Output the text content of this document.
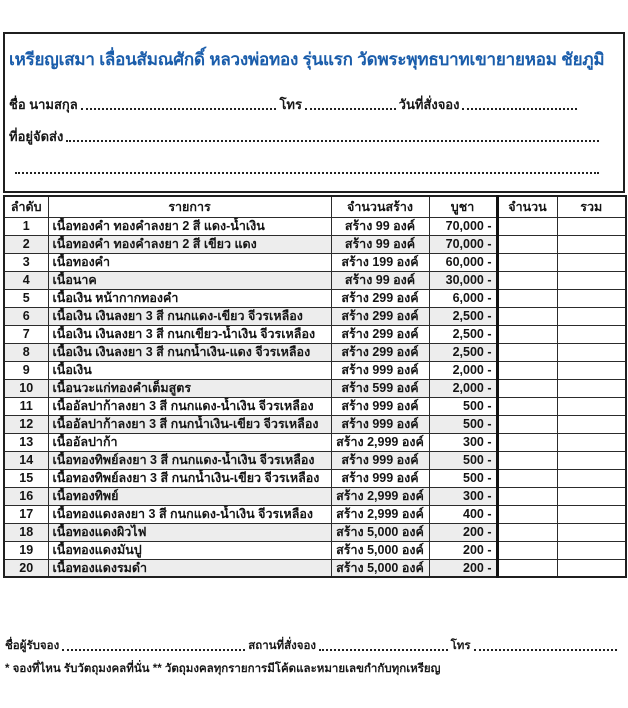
เหรียญเสมา เลื่อนสัมณศักดิ์ หลวงพ่อทอง รุ่นแรก วัดพระพุทธบาทเขายายหอม ชัยภูมิ
ชื่อ นามสกุล	โทร	วันที่สั่งจอง
ที่อยู่จัดส่ง
ลำดับ	รายการ	จำนวนสร้าง	บูชา	จำนวน	รวม
1	เนื้อทองคำ ทองคำลงยา 2 สี แดง-น้ำเงิน	สร้าง 99 องค์	70,000 -		
2	เนื้อทองคำ ทองคำลงยา 2 สี เขียว แดง	สร้าง 99 องค์	70,000 -		
3	เนื้อทองคำ	สร้าง 199 องค์	60,000 -		
4	เนื้อนาค	สร้าง 99 องค์	30,000 -		
5	เนื้อเงิน หน้ากากทองคำ	สร้าง 299 องค์	6,000 -		
6	เนื้อเงิน เงินลงยา 3 สี กนกแดง-เขียว จีวรเหลือง	สร้าง 299 องค์	2,500 -		
7	เนื้อเงิน เงินลงยา 3 สี กนกเขียว-น้ำเงิน จีวรเหลือง	สร้าง 299 องค์	2,500 -		
8	เนื้อเงิน เงินลงยา 3 สี กนกน้ำเงิน-แดง จีวรเหลือง	สร้าง 299 องค์	2,500 -		
9	เนื้อเงิน	สร้าง 999 องค์	2,000 -		
10	เนื้อนวะแก่ทองคำเต็มสูตร	สร้าง 599 องค์	2,000 -		
11	เนื้ออัลปาก้าลงยา 3 สี กนกแดง-น้ำเงิน จีวรเหลือง	สร้าง 999 องค์	500 -		
12	เนื้ออัลปาก้าลงยา 3 สี กนกน้ำเงิน-เขียว จีวรเหลือง	สร้าง 999 องค์	500 -		
13	เนื้ออัลปาก้า	สร้าง 2,999 องค์	300 -		
14	เนื้อทองทิพย์ลงยา 3 สี กนกแดง-น้ำเงิน จีวรเหลือง	สร้าง 999 องค์	500 -		
15	เนื้อทองทิพย์ลงยา 3 สี กนกน้ำเงิน-เขียว จีวรเหลือง	สร้าง 999 องค์	500 -		
16	เนื้อทองทิพย์	สร้าง 2,999 องค์	300 -		
17	เนื้อทองแดงลงยา 3 สี กนกแดง-น้ำเงิน จีวรเหลือง	สร้าง 2,999 องค์	400 -		
18	เนื้อทองแดงผิวไฟ	สร้าง 5,000 องค์	200 -		
19	เนื้อทองแดงมันปู	สร้าง 5,000 องค์	200 -		
20	เนื้อทองแดงรมดำ	สร้าง 5,000 องค์	200 -		
ชื่อผู้รับจอง	สถานที่สั่งจอง	โทร
* จองที่ไหน รับวัตถุมงคลที่นั่น ** วัตถุมงคลทุกรายการมีโค้ดและหมายเลขกำกับทุกเหรียญ
